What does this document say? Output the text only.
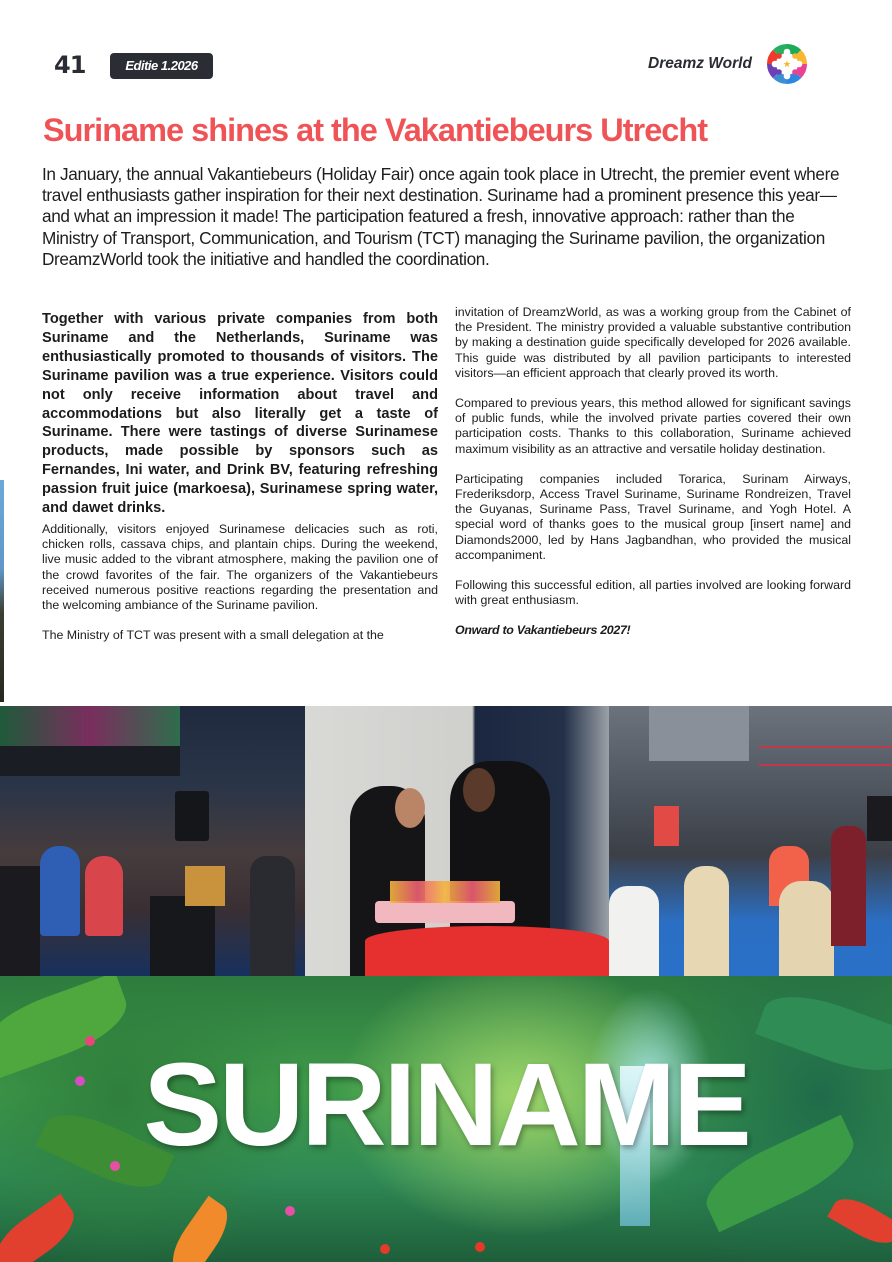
41	Editie 1.2026	Dreamz World
Suriname shines at the Vakantiebeurs Utrecht

In January, the annual Vakantiebeurs (Holiday Fair) once again took place in Utrecht, the premier event where travel enthusiasts gather inspiration for their next destination. Suriname had a prominent presence this year—and what an impression it made! The participation featured a fresh, innovative approach: rather than the Ministry of Transport, Communication, and Tourism (TCT) managing the Suriname pavilion, the organization DreamzWorld took the initiative and handled the coordination.

Together with various private companies from both Suriname and the Netherlands, Suriname was enthusiastically promoted to thousands of visitors. The Suriname pavilion was a true experience. Visitors could not only receive information about travel and accommodations but also literally get a taste of Suriname. There were tastings of diverse Surinamese products, made possible by sponsors such as Fernandes, Ini water, and Drink BV, featuring refreshing passion fruit juice (markoesa), Surinamese spring water, and dawet drinks.

Additionally, visitors enjoyed Surinamese delicacies such as roti, chicken rolls, cassava chips, and plantain chips. During the weekend, live music added to the vibrant atmosphere, making the pavilion one of the crowd favorites of the fair. The organizers of the Vakantiebeurs received numerous positive reactions regarding the presentation and the welcoming ambiance of the Suriname pavilion.

The Ministry of TCT was present with a small delegation at the

invitation of DreamzWorld, as was a working group from the Cabinet of the President. The ministry provided a valuable substantive contribution by making a destination guide specifically developed for 2026 available. This guide was distributed by all pavilion participants to interested visitors—an efficient approach that clearly proved its worth.

Compared to previous years, this method allowed for significant savings of public funds, while the involved private parties covered their own participation costs. Thanks to this collaboration, Suriname achieved maximum visibility as an attractive and versatile holiday destination.

Participating companies included Torarica, Surinam Airways, Frederiksdorp, Access Travel Suriname, Suriname Rondreizen, Travel the Guyanas, Suriname Pass, Travel Suriname, and Yogh Hotel. A special word of thanks goes to the musical group [insert name] and Diamonds2000, led by Hans Jagbandhan, who provided the musical accompaniment.

Following this successful edition, all parties involved are looking forward with great enthusiasm.

Onward to Vakantiebeurs 2027!

SURINAME
